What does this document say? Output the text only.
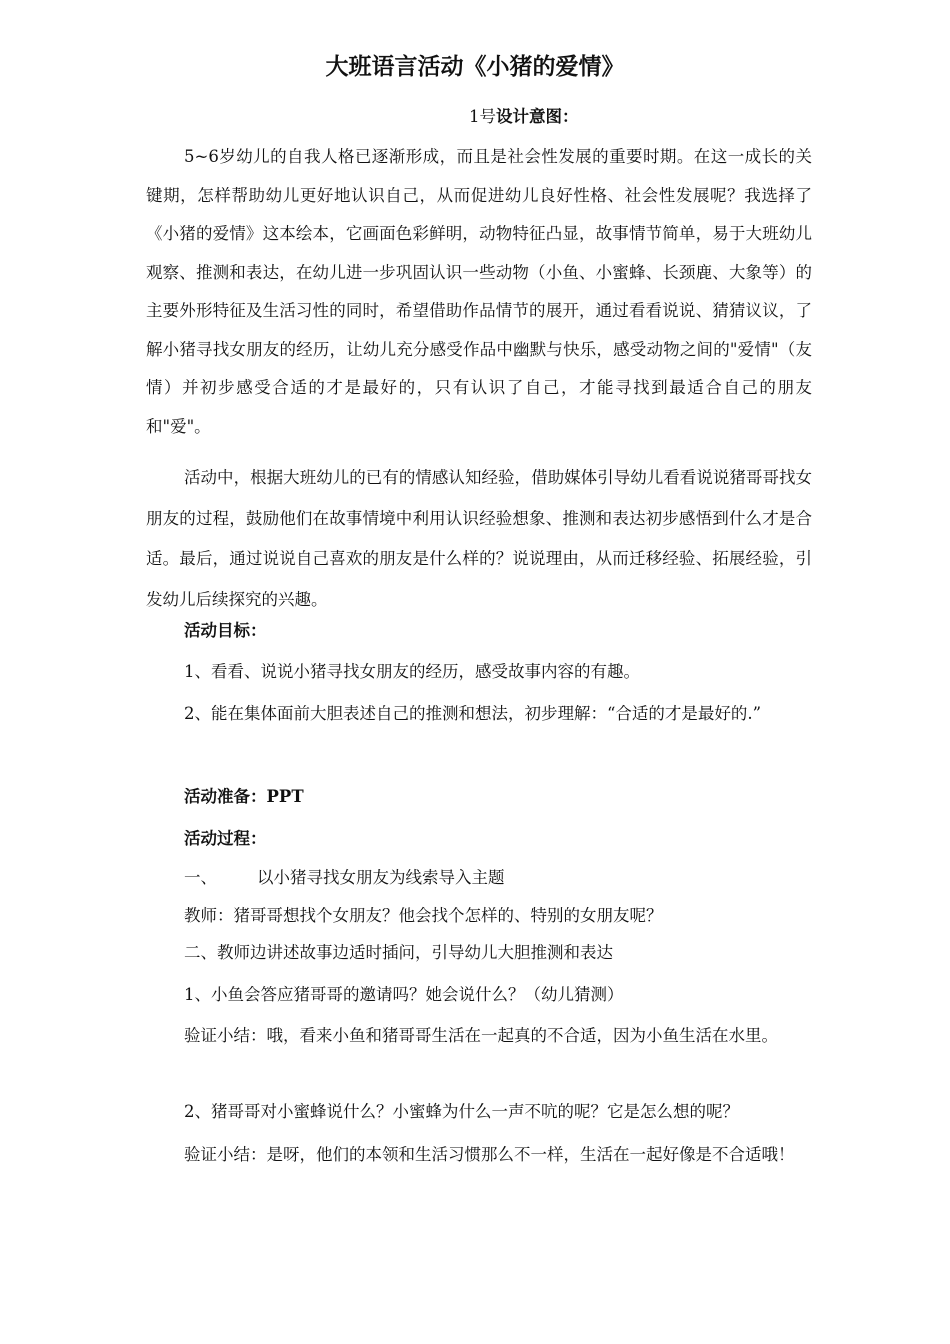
大班语言活动《小猪的爱情》
1号设计意图：

5~6岁幼儿的自我人格已逐渐形成，而且是社会性发展的重要时期。在这一成长的关键期，怎样帮助幼儿更好地认识自己，从而促进幼儿良好性格、社会性发展呢？我选择了《小猪的爱情》这本绘本，它画面色彩鲜明，动物特征凸显，故事情节简单，易于大班幼儿观察、推测和表达，在幼儿进一步巩固认识一些动物（小鱼、小蜜蜂、长颈鹿、大象等）的主要外形特征及生活习性的同时，希望借助作品情节的展开，通过看看说说、猜猜议议，了解小猪寻找女朋友的经历，让幼儿充分感受作品中幽默与快乐，感受动物之间的"爱情"（友情）并初步感受合适的才是最好的，只有认识了自己，才能寻找到最适合自己的朋友和"爱"。

活动中，根据大班幼儿的已有的情感认知经验，借助媒体引导幼儿看看说说猪哥哥找女朋友的过程，鼓励他们在故事情境中利用认识经验想象、推测和表达初步感悟到什么才是合适。最后，通过说说自己喜欢的朋友是什么样的？说说理由，从而迁移经验、拓展经验，引发幼儿后续探究的兴趣。

活动目标：
1、看看、说说小猪寻找女朋友的经历，感受故事内容的有趣。

2、能在集体面前大胆表述自己的推测和想法，初步理解：“合适的才是最好的.”

活动准备：PPT
活动过程：
一、 以小猪寻找女朋友为线索导入主题
教师：猪哥哥想找个女朋友？他会找个怎样的、特别的女朋友呢？
二、教师边讲述故事边适时插问，引导幼儿大胆推测和表达
1、小鱼会答应猪哥哥的邀请吗？她会说什么？（幼儿猜测）

验证小结：哦，看来小鱼和猪哥哥生活在一起真的不合适，因为小鱼生活在水里。

2、猪哥哥对小蜜蜂说什么？小蜜蜂为什么一声不吭的呢？它是怎么想的呢？

验证小结：是呀，他们的本领和生活习惯那么不一样，生活在一起好像是不合适哦！
